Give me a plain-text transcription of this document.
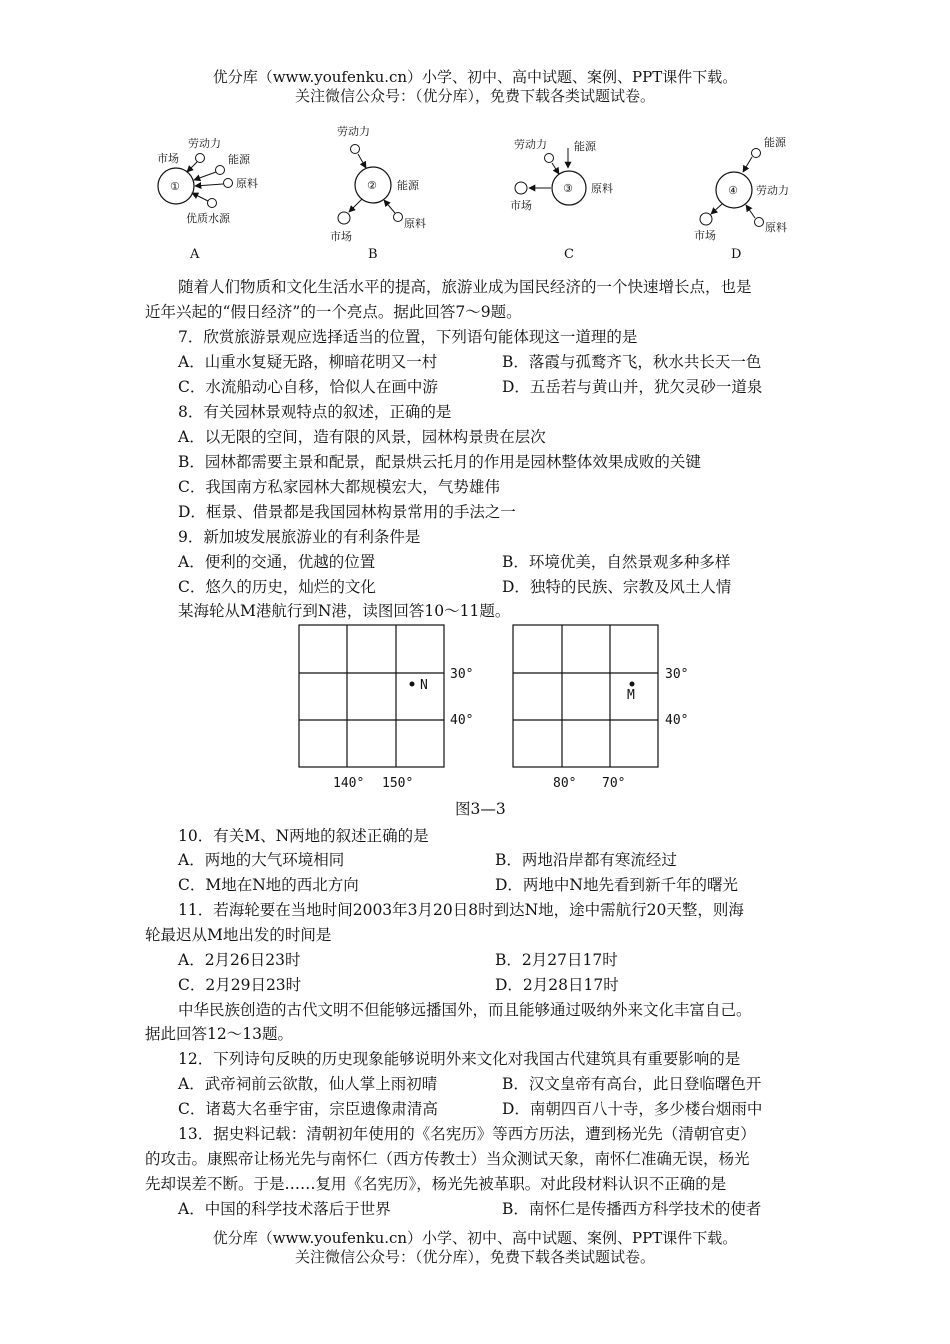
优分库（www.youfenku.cn）小学、初中、高中试题、案例、PPT课件下载。
关注微信公众号：（优分库），免费下载各类试题试卷。
①
劳动力
市场	能源
原料
优质水源
A
②
劳动力
能源
市场
原料
B
③
劳动力 能源
市场
原料
C
④
能源
劳动力
市场
原料
D
N
30°
40°
140° 150°
M
30°
40°
80° 70°
随着人们物质和文化生活水平的提高，旅游业成为国民经济的一个快速增长点，也是
近年兴起的“假日经济”的一个亮点。据此回答7～9题。
7．欣赏旅游景观应选择适当的位置，下列语句能体现这一道理的是
A．山重水复疑无路，柳暗花明又一村	B．落霞与孤鹜齐飞，秋水共长天一色
C．水流船动心自移，恰似人在画中游	D．五岳若与黄山并，犹欠灵砂一道泉
8．有关园林景观特点的叙述，正确的是
A．以无限的空间，造有限的风景，园林构景贵在层次
B．园林都需要主景和配景，配景烘云托月的作用是园林整体效果成败的关键
C．我国南方私家园林大都规模宏大，气势雄伟
D．框景、借景都是我国园林构景常用的手法之一
9．新加坡发展旅游业的有利条件是
A．便利的交通，优越的位置	B．环境优美，自然景观多种多样
C．悠久的历史，灿烂的文化	D．独特的民族、宗教及风土人情
某海轮从M港航行到N港，读图回答10～11题。
图3—3
10．有关M、N两地的叙述正确的是
A．两地的大气环境相同	B．两地沿岸都有寒流经过
C．M地在N地的西北方向	D．两地中N地先看到新千年的曙光
11．若海轮要在当地时间2003年3月20日8时到达N地，途中需航行20天整，则海
轮最迟从M地出发的时间是
A．2月26日23时	B．2月27日17时
C．2月29日23时	D．2月28日17时
中华民族创造的古代文明不但能够远播国外，而且能够通过吸纳外来文化丰富自己。
据此回答12～13题。
12．下列诗句反映的历史现象能够说明外来文化对我国古代建筑具有重要影响的是
A．武帝祠前云欲散，仙人掌上雨初晴	B．汉文皇帝有高台，此日登临曙色开
C．诸葛大名垂宇宙，宗臣遗像肃清高	D．南朝四百八十寺，多少楼台烟雨中
13．据史料记载：清朝初年使用的《名宪历》等西方历法，遭到杨光先（清朝官吏）
的攻击。康熙帝让杨光先与南怀仁（西方传教士）当众测试天象，南怀仁准确无误，杨光
先却误差不断。于是……复用《名宪历》，杨光先被革职。对此段材料认识不正确的是
A．中国的科学技术落后于世界	B．南怀仁是传播西方科学技术的使者
优分库（www.youfenku.cn）小学、初中、高中试题、案例、PPT课件下载。
关注微信公众号：（优分库），免费下载各类试题试卷。
